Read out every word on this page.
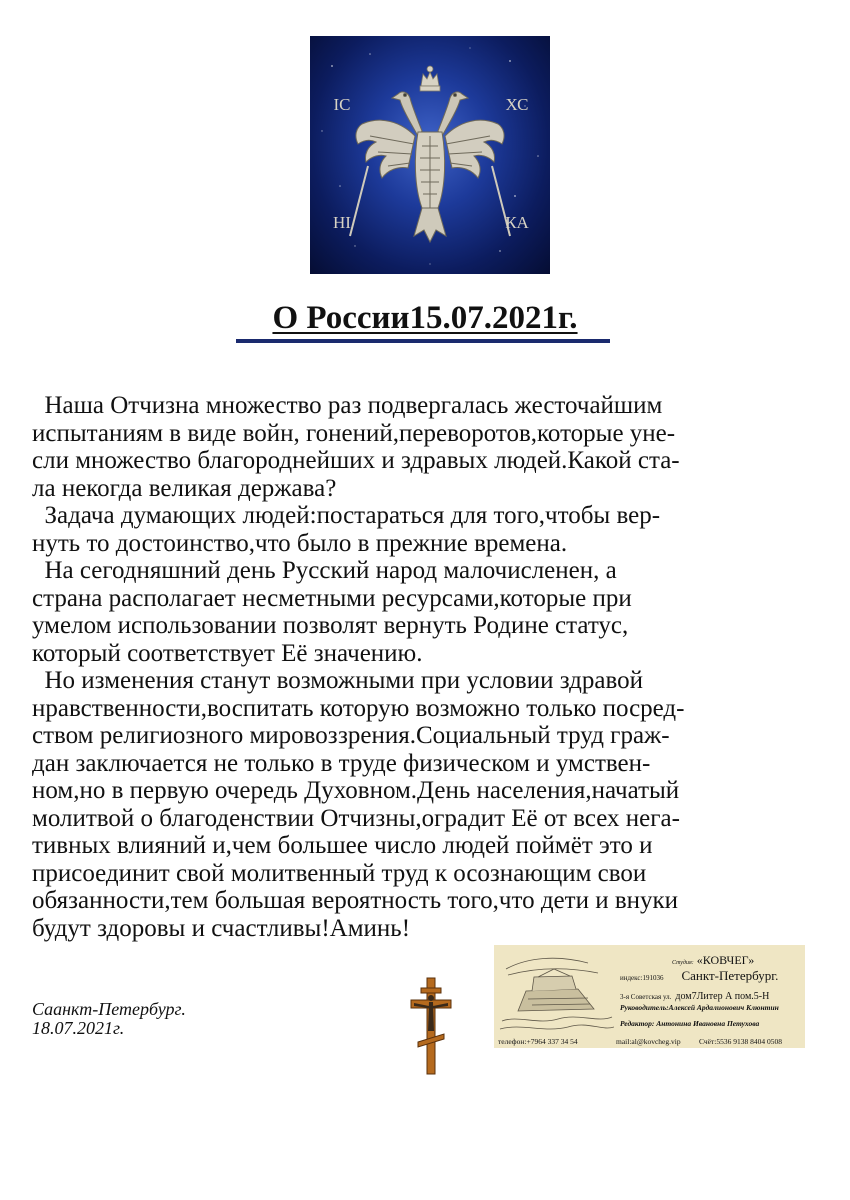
ІС	ХС
НІ	КА
О России15.07.2021г.
Наша Отчизна множество раз подвергалась жесточайшим
испытаниям в виде войн, гонений,переворотов,которые уне-
сли множество благороднейших и здравых людей.Какой ста-
ла некогда великая держава?
Задача думающих людей:постараться для того,чтобы вер-
нуть то достоинство,что было в прежние времена.
На сегодняшний день Русский народ малочисленен, а
страна располагает несметными ресурсами,которые при
умелом использовании позволят вернуть Родине статус,
который соответствует Её значению.
Но изменения станут возможными при условии здравой
нравственности,воспитать которую возможно только посред-
ством религиозного мировоззрения.Социальный труд граж-
дан заключается не только в труде физическом и умствен-
ном,но в первую очередь Духовном.День населения,начатый
молитвой о благоденствии Отчизны,оградит Её от всех нега-
тивных влияний и,чем большее число людей поймёт это и
присоединит свой молитвенный труд к осознающим свои
обязанности,тем большая вероятность того,что дети и внуки
будут здоровы и счастливы!Аминь!
Саанкт-Петербург.
18.07.2021г.
Студия: «КОВЧЕГ»
индекс:191036 Санкт-Петербург.
3-я Советская ул. дом7Литер А пом.5-Н
Руководитель:Алексей Ардалионович Клюнтин
Редактор: Антонина Ивановна Петухова
телефон:+7964 337 34 54	mail:al@kovcheg.vip Счёт:5536 9138 8404 0508
